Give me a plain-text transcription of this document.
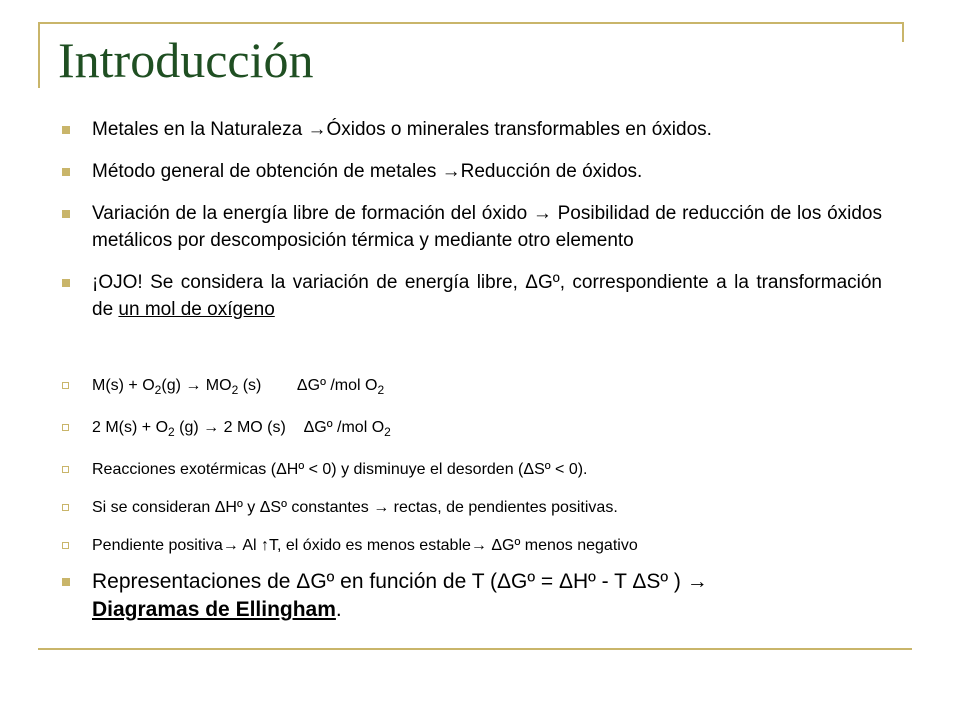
Introducción
Metales en la Naturaleza →Óxidos o minerales transformables en óxidos.
Método general de obtención de metales →Reducción de óxidos.
Variación de la energía libre de formación del óxido → Posibilidad de reducción de los óxidos metálicos por descomposición térmica y mediante otro elemento
¡OJO! Se considera la variación de energía libre, ΔGº, correspondiente a la transformación de un mol de oxígeno
$M(s) + O_2(g) \to MO_2$ (s)        ΔGº /mol $O_2$
2 $M(s) + O_2$ (g) → 2 MO (s)    ΔGº /mol $O_2$
Reacciones exotérmicas (ΔHº < 0) y disminuye el desorden (ΔSº < 0).
Si se consideran ΔHº y ΔSº constantes → rectas, de pendientes positivas.
Pendiente positiva→ Al ↑T, el óxido es menos estable→ ΔGº menos negativo
Representaciones de ΔGº en función de T (ΔGº = ΔHº - T ΔSº ) →
Diagramas de Ellingham.
